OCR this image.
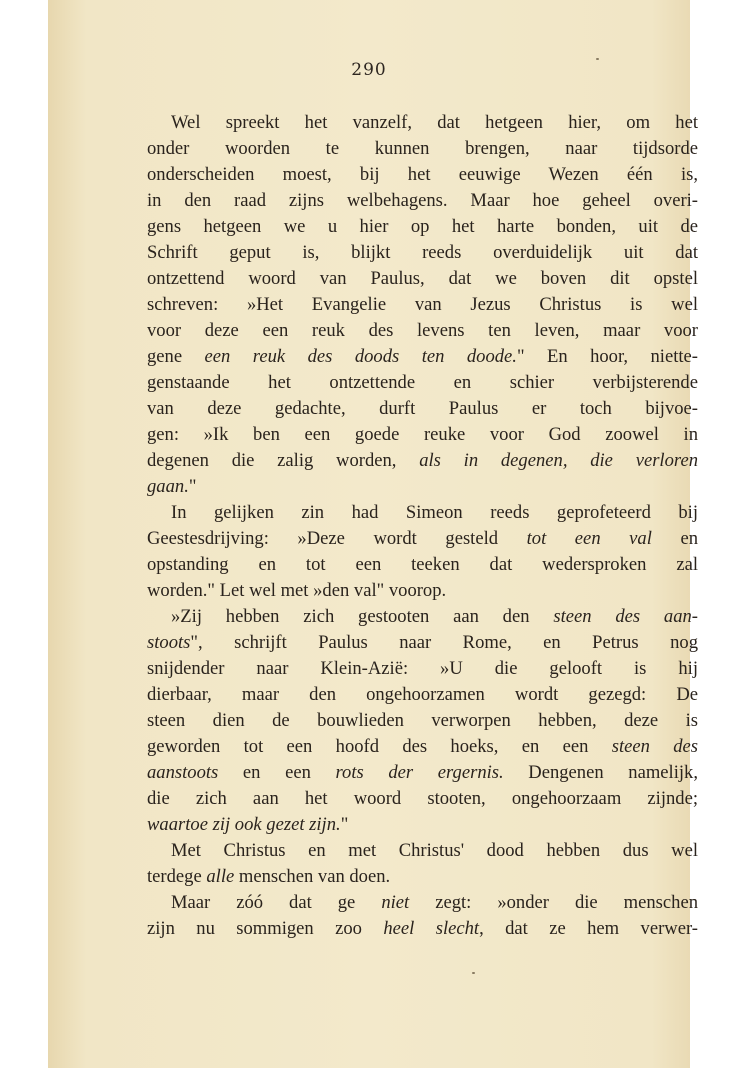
290
Wel spreekt het vanzelf, dat hetgeen hier, om het
onder woorden te kunnen brengen, naar tijdsorde
onderscheiden moest, bij het eeuwige Wezen één is,
in den raad zijns welbehagens. Maar hoe geheel overi-
gens hetgeen we u hier op het harte bonden, uit de
Schrift geput is, blijkt reeds overduidelijk uit dat
ontzettend woord van Paulus, dat we boven dit opstel
schreven: »Het Evangelie van Jezus Christus is wel
voor deze een reuk des levens ten leven, maar voor
gene een reuk des doods ten doode." En hoor, niette-
genstaande het ontzettende en schier verbijsterende
van deze gedachte, durft Paulus er toch bijvoe-
gen: »Ik ben een goede reuke voor God zoowel in
degenen die zalig worden, als in degenen, die verloren
gaan."
In gelijken zin had Simeon reeds geprofeteerd bij
Geestesdrijving: »Deze wordt gesteld tot een val en
opstanding en tot een teeken dat wedersproken zal
worden." Let wel met »den val" voorop.
»Zij hebben zich gestooten aan den steen des aan-
stoots", schrijft Paulus naar Rome, en Petrus nog
snijdender naar Klein-Azië: »U die gelooft is hij
dierbaar, maar den ongehoorzamen wordt gezegd: De
steen dien de bouwlieden verworpen hebben, deze is
geworden tot een hoofd des hoeks, en een steen des
aanstoots en een rots der ergernis. Dengenen namelijk,
die zich aan het woord stooten, ongehoorzaam zijnde;
waartoe zij ook gezet zijn."
Met Christus en met Christus' dood hebben dus wel
terdege alle menschen van doen.
Maar zóó dat ge niet zegt: »onder die menschen
zijn nu sommigen zoo heel slecht, dat ze hem verwer-
